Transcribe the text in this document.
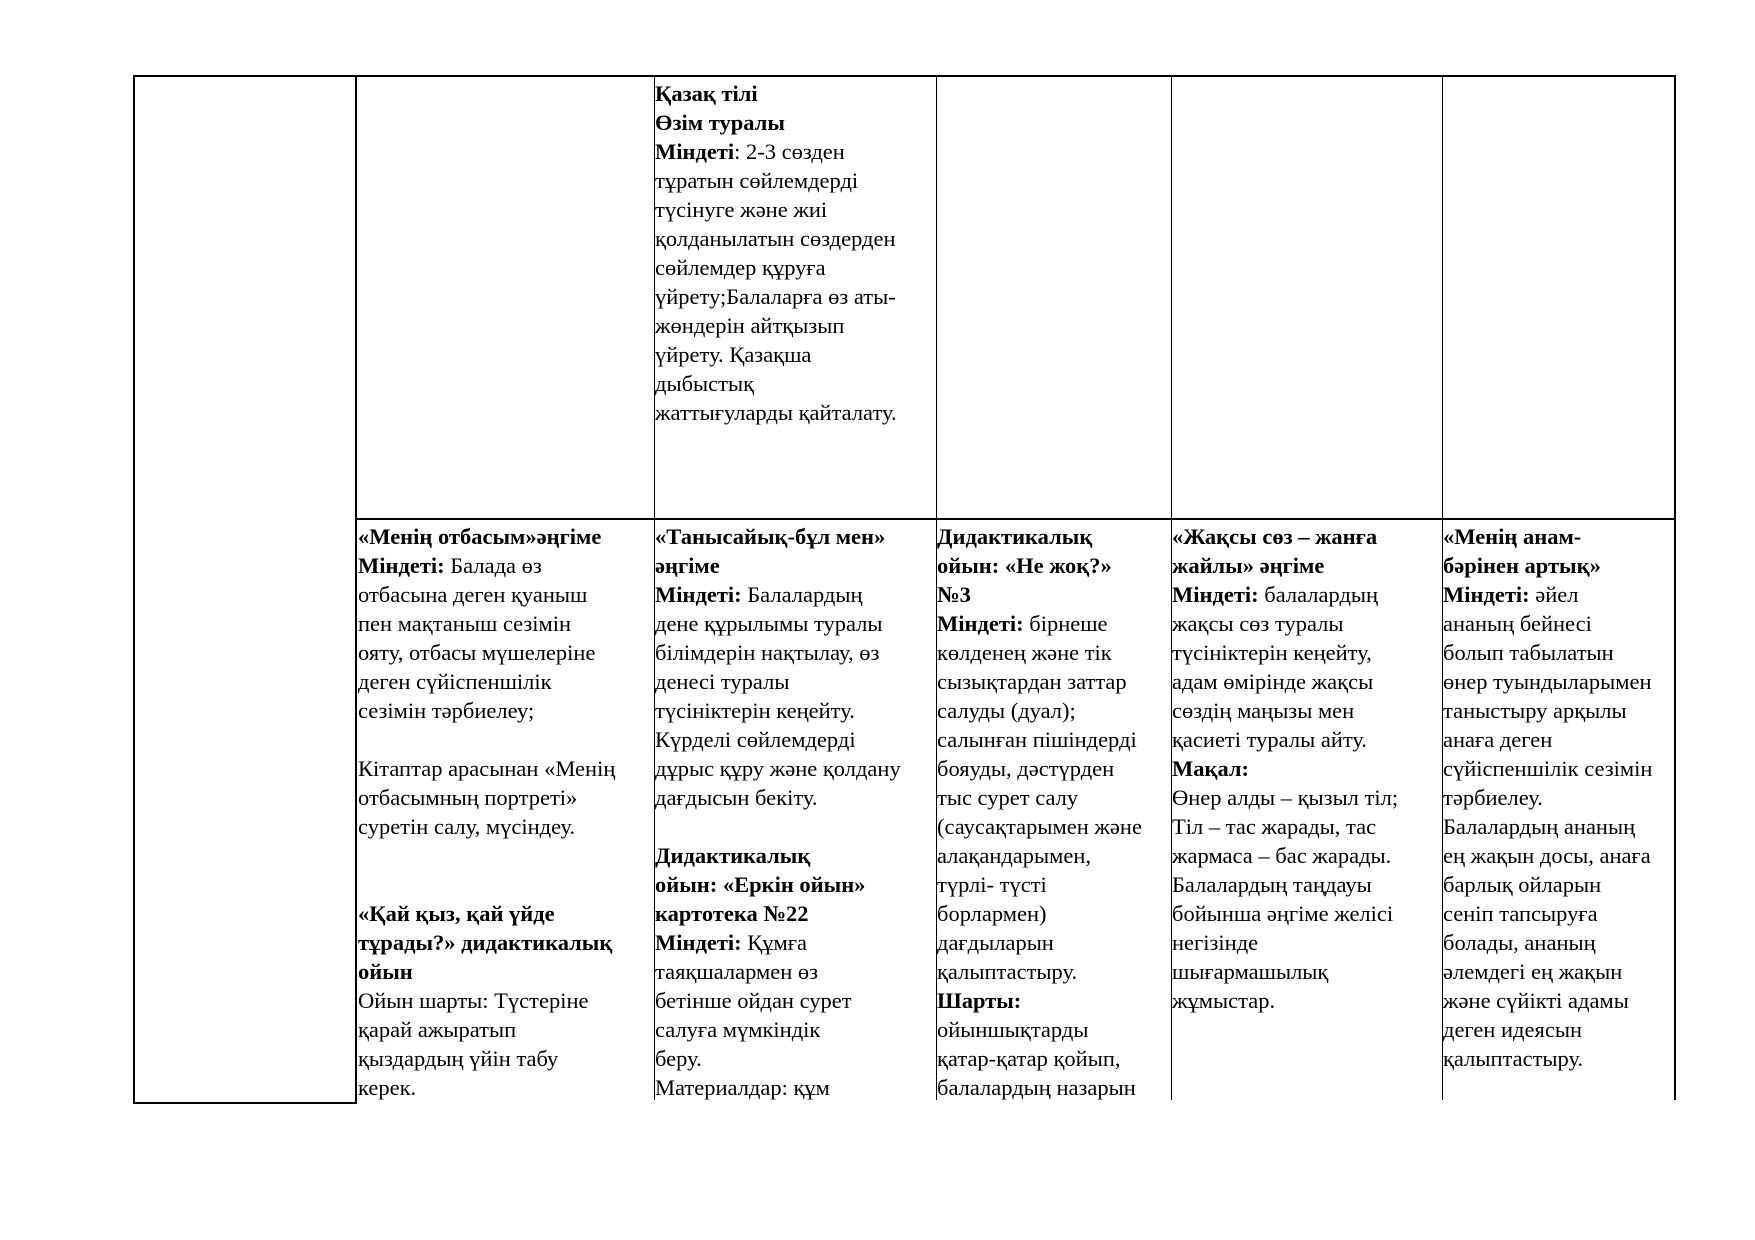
Қазақ тілі
Өзім туралы
Міндеті: 2-3 сөзден
тұратын сөйлемдерді
түсінуге және жиі
қолданылатын сөздерден
сөйлемдер құруға
үйрету;Балаларға өз аты-
жөндерін айтқызып
үйрету. Қазақша
дыбыстық
жаттығуларды қайталату.
«Менің отбасым»әңгіме
Міндеті: Балада өз
отбасына деген қуаныш
пен мақтаныш сезімін
ояту, отбасы мүшелеріне
деген сүйіспеншілік
сезімін тәрбиелеу;
Кітаптар арасынан «Менің
отбасымның портреті»
суретін салу, мүсіндеу.
«Қай қыз, қай үйде
тұрады?» дидактикалық
ойын
Ойын шарты: Түстеріне
қарай ажыратып
қыздардың үйін табу
керек.
«Танысайық-бұл мен»
әңгіме
Міндеті: Балалардың
дене құрылымы туралы
білімдерін нақтылау, өз
денесі туралы
түсініктерін кеңейту.
Күрделі сөйлемдерді
дұрыс құру және қолдану
дағдысын бекіту.
Дидактикалық
ойын: «Еркін ойын»
картотека №22
Міндеті: Құмға
таяқшалармен өз
бетінше ойдан сурет
салуға мүмкіндік
беру.
Материалдар: құм
Дидактикалық
ойын: «Не жоқ?»
№3
Міндеті: бірнеше
көлденең және тік
сызықтардан заттар
салуды (дуал);
салынған пішіндерді
бояуды, дәстүрден
тыс сурет салу
(саусақтарымен және
алақандарымен,
түрлі- түсті
борлармен)
дағдыларын
қалыптастыру.
Шарты:
ойыншықтарды
қатар-қатар қойып,
балалардың назарын
«Жақсы сөз – жанға
жайлы» әңгіме
Міндеті: балалардың
жақсы сөз туралы
түсініктерін кеңейту,
адам өмірінде жақсы
сөздің маңызы мен
қасиеті туралы айту.
Мақал:
Өнер алды – қызыл тіл;
Тіл – тас жарады, тас
жармаса – бас жарады.
Балалардың таңдауы
бойынша әңгіме желісі
негізінде
шығармашылық
жұмыстар.
«Менің анам-
бәрінен артық»
Міндеті: әйел
ананың бейнесі
болып табылатын
өнер туындыларымен
таныстыру арқылы
анаға деген
сүйіспеншілік сезімін
тәрбиелеу.
Балалардың ананың
ең жақын досы, анаға
барлық ойларын
сеніп тапсыруға
болады, ананың
әлемдегі ең жақын
және сүйікті адамы
деген идеясын
қалыптастыру.
